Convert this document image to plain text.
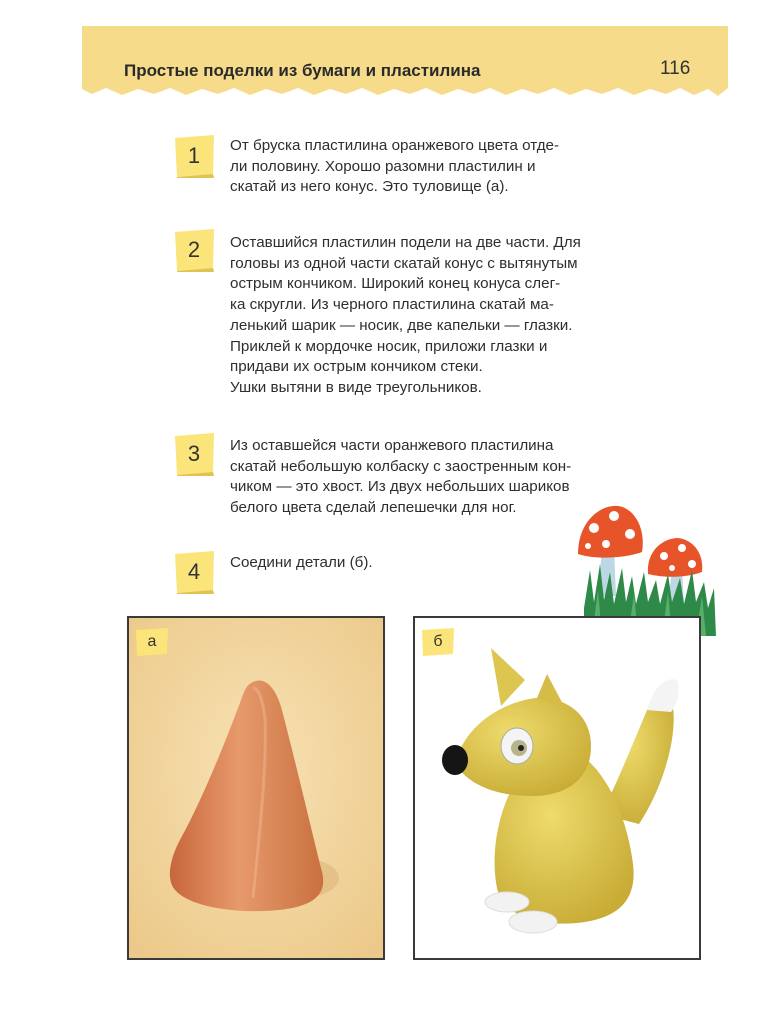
Простые поделки из бумаги и пластилина	116
1	От бруска пластилина оранжевого цвета отде-
ли половину. Хорошо разомни пластилин и
скатай из него конус. Это туловище (а).
2	Оставшийся пластилин подели на две части. Для
головы из одной части скатай конус с вытянутым
острым кончиком. Широкий конец конуса слег-
ка скругли. Из черного пластилина скатай ма-
ленький шарик — носик, две капельки — глазки.
Приклей к мордочке носик, приложи глазки и
придави их острым кончиком стеки.
Ушки вытяни в виде треугольников.
3	Из оставшейся части оранжевого пластилина
скатай небольшую колбаску с заостренным кон-
чиком — это хвост. Из двух небольших шариков
белого цвета сделай лепешечки для ног.
4	Соедини детали (б).
а	б
